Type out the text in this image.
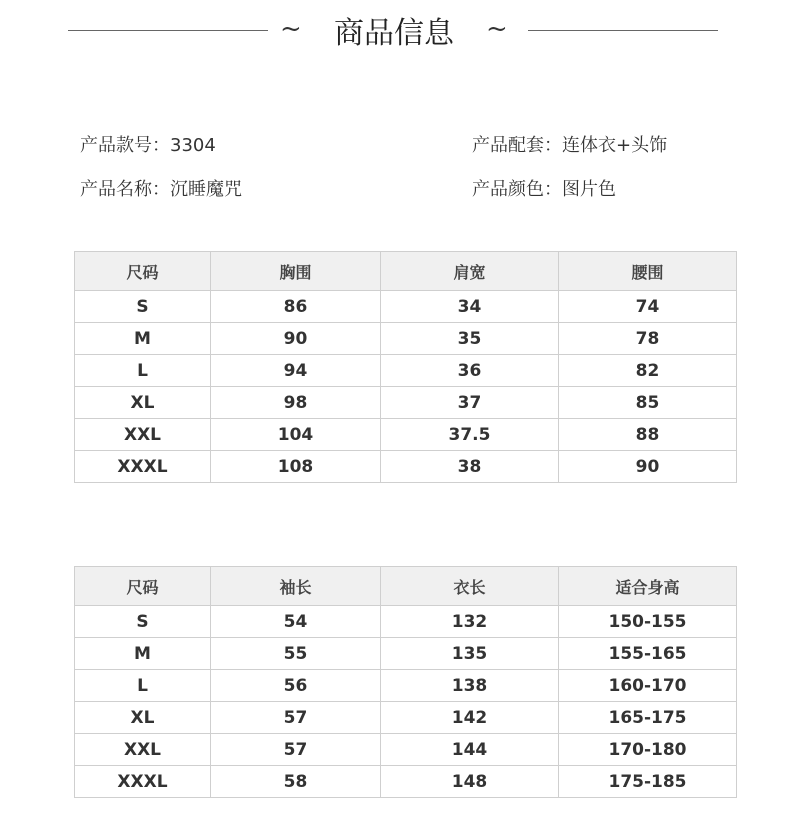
~	商品信息	~
产品款号：3304	产品配套：连体衣+头饰
产品名称：沉睡魔咒	产品颜色：图片色
尺码	胸围	肩宽	腰围
S	86	34	74
M	90	35	78
L	94	36	82
XL	98	37	85
XXL	104	37.5	88
XXXL	108	38	90
尺码	袖长	衣长	适合身高
S	54	132	150-155
M	55	135	155-165
L	56	138	160-170
XL	57	142	165-175
XXL	57	144	170-180
XXXL	58	148	175-185
